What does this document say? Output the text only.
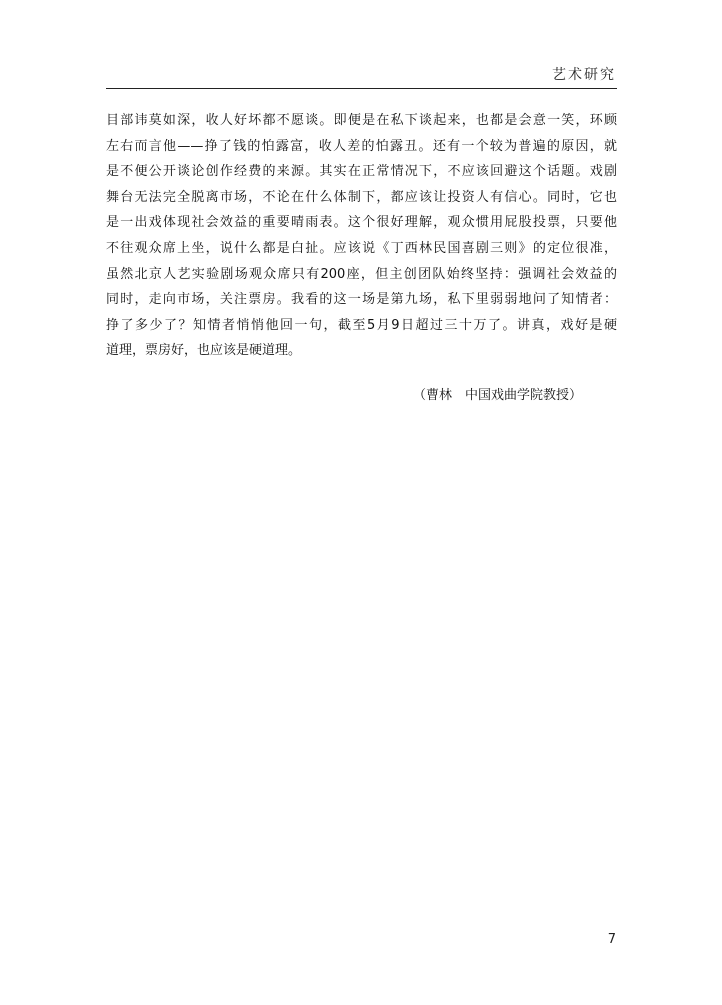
艺术研究
目部讳莫如深，收人好坏都不愿谈。即便是在私下谈起来，也都是会意一笑，环顾
左右而言他——挣了钱的怕露富，收人差的怕露丑。还有一个较为普遍的原因，就
是不便公开谈论创作经费的来源。其实在正常情况下，不应该回避这个话题。戏剧
舞台无法完全脱离市场，不论在什么体制下，都应该让投资人有信心。同时，它也
是一出戏体现社会效益的重要晴雨表。这个很好理解，观众惯用屁股投票，只要他
不往观众席上坐，说什么都是白扯。应该说《丁西林民国喜剧三则》的定位很准，
虽然北京人艺实验剧场观众席只有200座，但主创团队始终坚持：强调社会效益的
同时，走向市场，关注票房。我看的这一场是第九场，私下里弱弱地问了知情者：
挣了多少了？知情者悄悄他回一句，截至5月9日超过三十万了。讲真，戏好是硬
道理，票房好，也应该是硬道理。
（曹林　中国戏曲学院教授）
7
